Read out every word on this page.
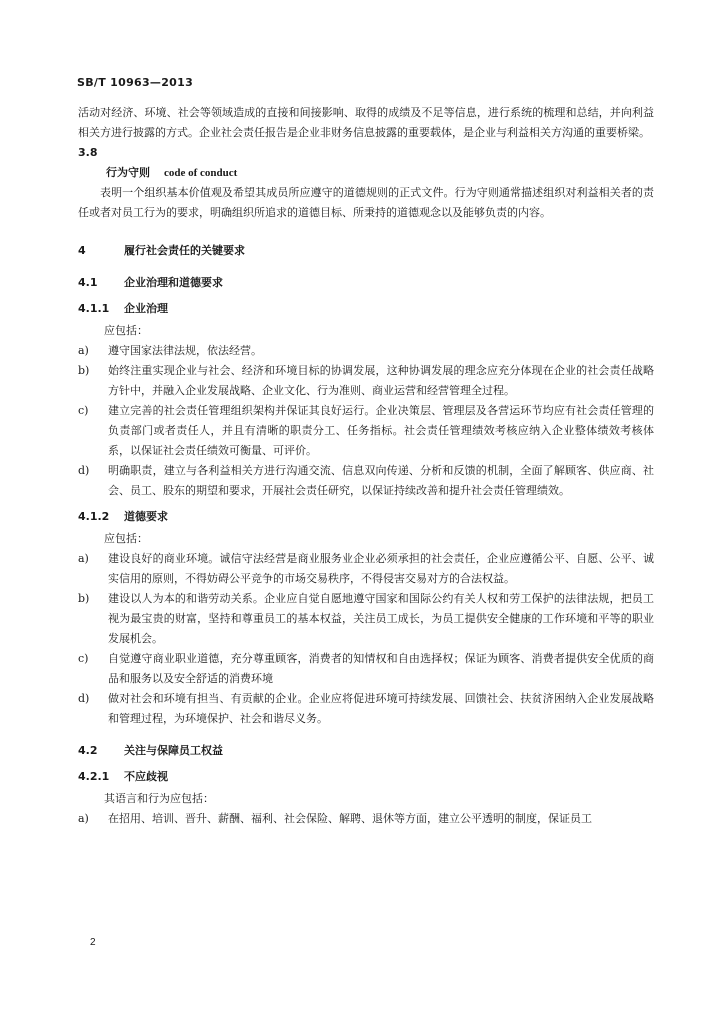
SB/T 10963—2013

活动对经济、环境、社会等领域造成的直接和间接影响、取得的成绩及不足等信息，进行系统的梳理和总结，并向利益相关方进行披露的方式。企业社会责任报告是企业非财务信息披露的重要载体，是企业与利益相关方沟通的重要桥梁。

3.8
行为守则 code of conduct

表明一个组织基本价值观及希望其成员所应遵守的道德规则的正式文件。行为守则通常描述组织对利益相关者的责任或者对员工行为的要求，明确组织所追求的道德目标、所秉持的道德观念以及能够负责的内容。

4	履行社会责任的关键要求
4.1 企业治理和道德要求
4.1.1 企业治理

应包括：

a)	遵守国家法律法规，依法经营。
b)	始终注重实现企业与社会、经济和环境目标的协调发展，这种协调发展的理念应充分体现在企业的社会责任战略方针中，并融入企业发展战略、企业文化、行为准则、商业运营和经营管理全过程。
c)	建立完善的社会责任管理组织架构并保证其良好运行。企业决策层、管理层及各营运环节均应有社会责任管理的负责部门或者责任人，并且有清晰的职责分工、任务指标。社会责任管理绩效考核应纳入企业整体绩效考核体系，以保证社会责任绩效可衡量、可评价。
d)	明确职责，建立与各利益相关方进行沟通交流、信息双向传递、分析和反馈的机制，全面了解顾客、供应商、社会、员工、股东的期望和要求，开展社会责任研究，以保证持续改善和提升社会责任管理绩效。
4.1.2 道德要求

应包括：

a)	建设良好的商业环境。诚信守法经营是商业服务业企业必须承担的社会责任，企业应遵循公平、自愿、公平、诚实信用的原则，不得妨碍公平竞争的市场交易秩序，不得侵害交易对方的合法权益。
b)	建设以人为本的和谐劳动关系。企业应自觉自愿地遵守国家和国际公约有关人权和劳工保护的法律法规，把员工视为最宝贵的财富，坚持和尊重员工的基本权益，关注员工成长，为员工提供安全健康的工作环境和平等的职业发展机会。
c)	自觉遵守商业职业道德，充分尊重顾客，消费者的知情权和自由选择权；保证为顾客、消费者提供安全优质的商品和服务以及安全舒适的消费环境
d)	做对社会和环境有担当、有贡献的企业。企业应将促进环境可持续发展、回馈社会、扶贫济困纳入企业发展战略和管理过程，为环境保护、社会和谐尽义务。
4.2 关注与保障员工权益
4.2.1 不应歧视

其语言和行为应包括：

a)	在招用、培训、晋升、薪酬、福利、社会保险、解聘、退休等方面，建立公平透明的制度，保证员工
2
